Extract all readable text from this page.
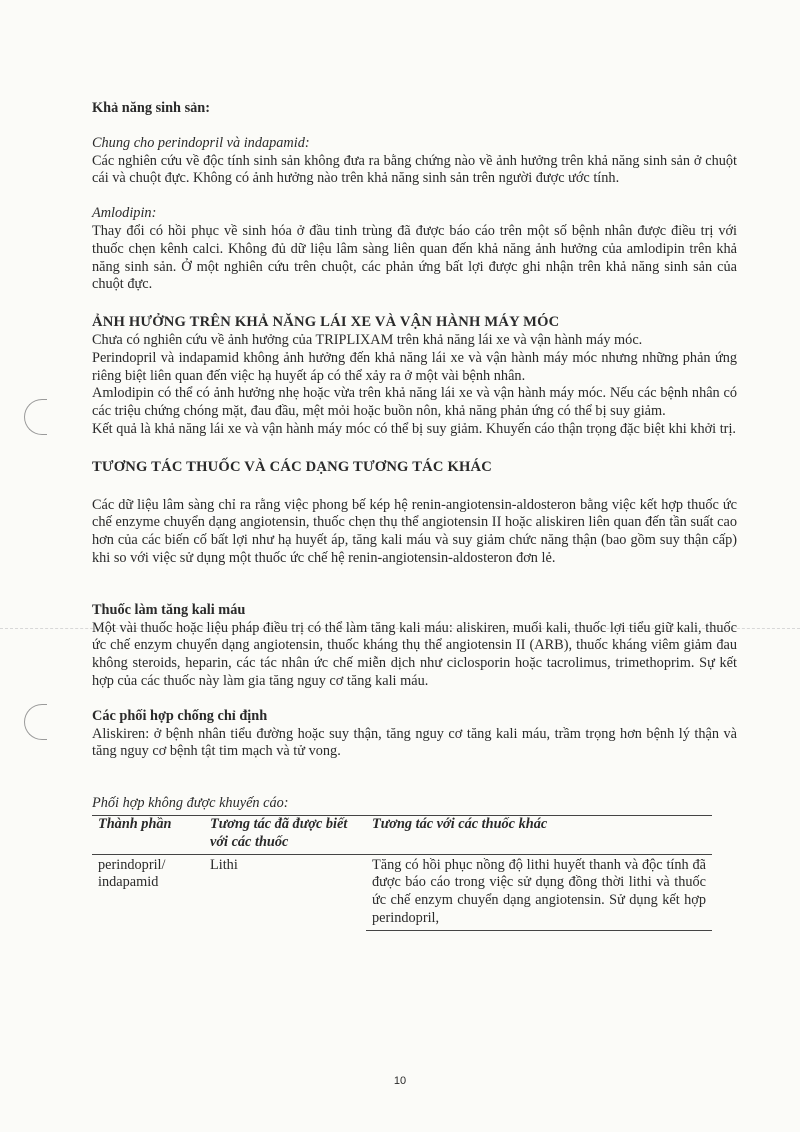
Khả năng sinh sản:

Chung cho perindopril và indapamid:

Các nghiên cứu về độc tính sinh sản không đưa ra bằng chứng nào về ảnh hưởng trên khả năng sinh sản ở chuột cái và chuột đực. Không có ảnh hưởng nào trên khả năng sinh sản trên người được ước tính.

Amlodipin:

Thay đổi có hồi phục về sinh hóa ở đầu tinh trùng đã được báo cáo trên một số bệnh nhân được điều trị với thuốc chẹn kênh calci. Không đủ dữ liệu lâm sàng liên quan đến khả năng ảnh hưởng của amlodipin trên khả năng sinh sản. Ở một nghiên cứu trên chuột, các phản ứng bất lợi được ghi nhận trên khả năng sinh sản của chuột đực.

ẢNH HƯỞNG TRÊN KHẢ NĂNG LÁI XE VÀ VẬN HÀNH MÁY MÓC

Chưa có nghiên cứu về ảnh hưởng của TRIPLIXAM trên khả năng lái xe và vận hành máy móc.

Perindopril và indapamid không ảnh hưởng đến khả năng lái xe và vận hành máy móc nhưng những phản ứng riêng biệt liên quan đến việc hạ huyết áp có thể xảy ra ở một vài bệnh nhân.

Amlodipin có thể có ảnh hưởng nhẹ hoặc vừa trên khả năng lái xe và vận hành máy móc. Nếu các bệnh nhân có các triệu chứng chóng mặt, đau đầu, mệt mỏi hoặc buồn nôn, khả năng phản ứng có thể bị suy giảm.

Kết quả là khả năng lái xe và vận hành máy móc có thể bị suy giảm. Khuyến cáo thận trọng đặc biệt khi khởi trị.

TƯƠNG TÁC THUỐC VÀ CÁC DẠNG TƯƠNG TÁC KHÁC

Các dữ liệu lâm sàng chỉ ra rằng việc phong bế kép hệ renin-angiotensin-aldosteron bằng việc kết hợp thuốc ức chế enzyme chuyển dạng angiotensin, thuốc chẹn thụ thể angiotensin II hoặc aliskiren liên quan đến tần suất cao hơn của các biến cố bất lợi như hạ huyết áp, tăng kali máu và suy giảm chức năng thận (bao gồm suy thận cấp) khi so với việc sử dụng một thuốc ức chế hệ renin-angiotensin-aldosteron đơn lẻ.

Thuốc làm tăng kali máu

Một vài thuốc hoặc liệu pháp điều trị có thể làm tăng kali máu: aliskiren, muối kali, thuốc lợi tiểu giữ kali, thuốc ức chế enzym chuyển dạng angiotensin, thuốc kháng thụ thể angiotensin II (ARB), thuốc kháng viêm giảm đau không steroids, heparin, các tác nhân ức chế miễn dịch như ciclosporin hoặc tacrolimus, trimethoprim. Sự kết hợp của các thuốc này làm gia tăng nguy cơ tăng kali máu.

Các phối hợp chống chỉ định

Aliskiren: ở bệnh nhân tiểu đường hoặc suy thận, tăng nguy cơ tăng kali máu, trầm trọng hơn bệnh lý thận và tăng nguy cơ bệnh tật tim mạch và tử vong.

Phối hợp không được khuyến cáo:

Thành phần	Tương tác đã được biết với các thuốc	Tương tác với các thuốc khác
perindopril/ indapamid	Lithi	Tăng có hồi phục nồng độ lithi huyết thanh và độc tính đã được báo cáo trong việc sử dụng đồng thời lithi và thuốc ức chế enzym chuyển dạng angiotensin. Sử dụng kết hợp perindopril,
10
